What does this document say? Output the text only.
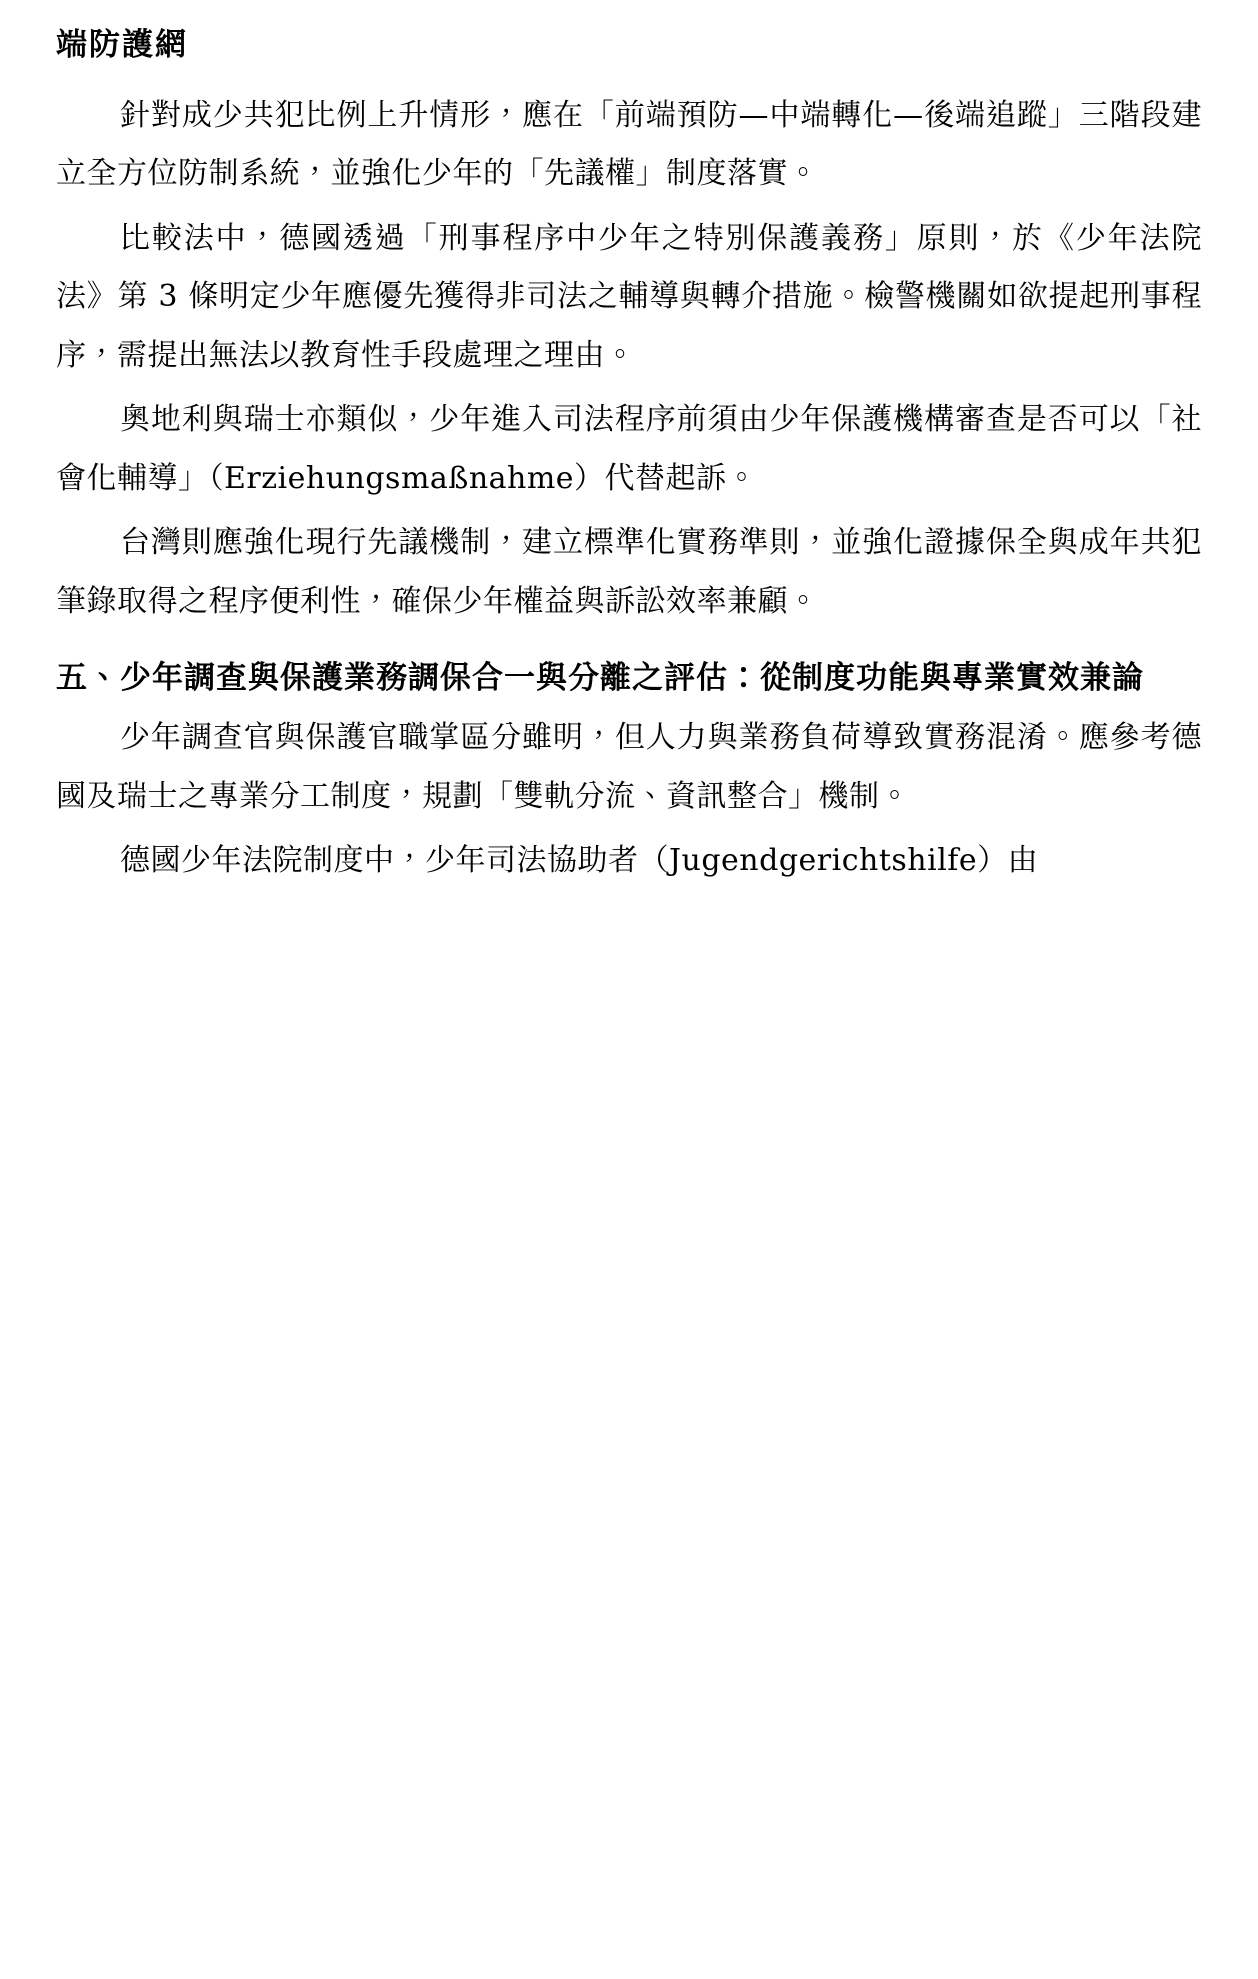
端防護網

針對成少共犯比例上升情形，應在「前端預防—中端轉化—後端追蹤」三階段建立全方位防制系統，並強化少年的「先議權」制度落實。

比較法中，德國透過「刑事程序中少年之特別保護義務」原則，於《少年法院法》第 3 條明定少年應優先獲得非司法之輔導與轉介措施。檢警機關如欲提起刑事程序，需提出無法以教育性手段處理之理由。

奧地利與瑞士亦類似，少年進入司法程序前須由少年保護機構審查是否可以「社會化輔導」（Erziehungsmaßnahme）代替起訴。

台灣則應強化現行先議機制，建立標準化實務準則，並強化證據保全與成年共犯筆錄取得之程序便利性，確保少年權益與訴訟效率兼顧。

五、少年調查與保護業務調保合一與分離之評估：從制度功能與專業實效兼論

少年調查官與保護官職掌區分雖明，但人力與業務負荷導致實務混淆。應參考德國及瑞士之專業分工制度，規劃「雙軌分流、資訊整合」機制。

德國少年法院制度中，少年司法協助者（Jugendgerichtshilfe）由
